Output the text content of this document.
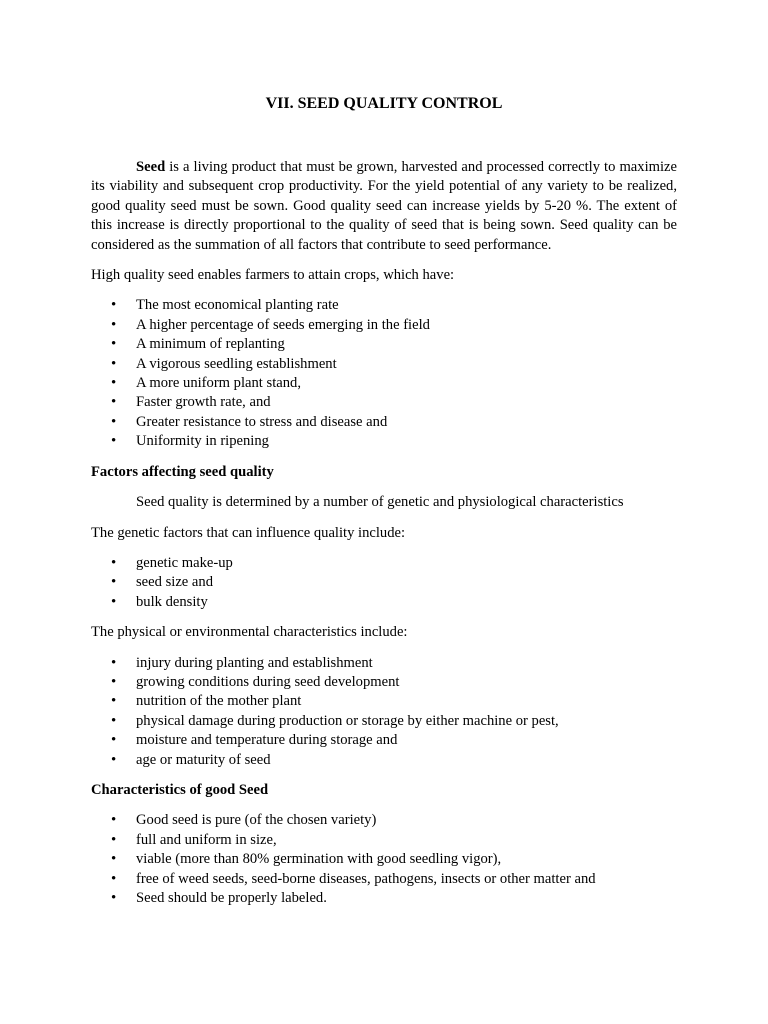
VII. SEED QUALITY CONTROL

Seed is a living product that must be grown, harvested and processed correctly to maximize its viability and subsequent crop productivity. For the yield potential of any variety to be realized, good quality seed must be sown. Good quality seed can increase yields by 5-20 %. The extent of this increase is directly proportional to the quality of seed that is being sown. Seed quality can be considered as the summation of all factors that contribute to seed performance.

High quality seed enables farmers to attain crops, which have:

• The most economical planting rate
• A higher percentage of seeds emerging in the field
• A minimum of replanting
• A vigorous seedling establishment
• A more uniform plant stand,
• Faster growth rate, and
• Greater resistance to stress and disease and
• Uniformity in ripening

Factors affecting seed quality

Seed quality is determined by a number of genetic and physiological characteristics

The genetic factors that can influence quality include:

• genetic make-up
• seed size and
• bulk density

The physical or environmental characteristics include:

• injury during planting and establishment
• growing conditions during seed development
• nutrition of the mother plant
• physical damage during production or storage by either machine or pest,
• moisture and temperature during storage and
• age or maturity of seed

Characteristics of good Seed

• Good seed is pure (of the chosen variety)
• full and uniform in size,
• viable (more than 80% germination with good seedling vigor),
• free of weed seeds, seed-borne diseases, pathogens, insects or other matter and
• Seed should be properly labeled.
